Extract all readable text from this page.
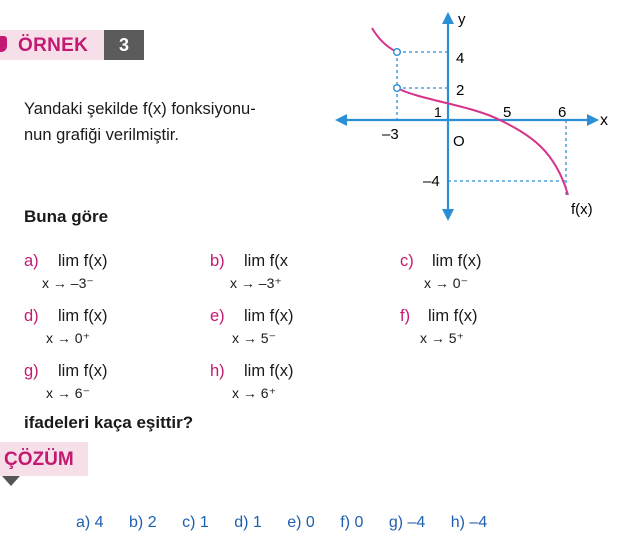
ÖRNEK	3
Yandaki şekilde f(x) fonksiyonu-
nun grafiği verilmiştir.
Buna göre
a) lim f(x)
x → –3⁻
b) lim f(x
x → –3⁺
c) lim f(x)
x → 0⁻
d) lim f(x)
x → 0⁺
e) lim f(x)
x → 5⁻
f) lim f(x)
x → 5⁺
g) lim f(x)
x → 6⁻
h) lim f(x)
x → 6⁺
ifadeleri kaça eşittir?
ÇÖZÜM
a) 4 b) 2 c) 1 d) 1 e) 0 f) 0 g) –4 h) –4
y
x
O
4
2
1
–3
5	6
–4
f(x)
